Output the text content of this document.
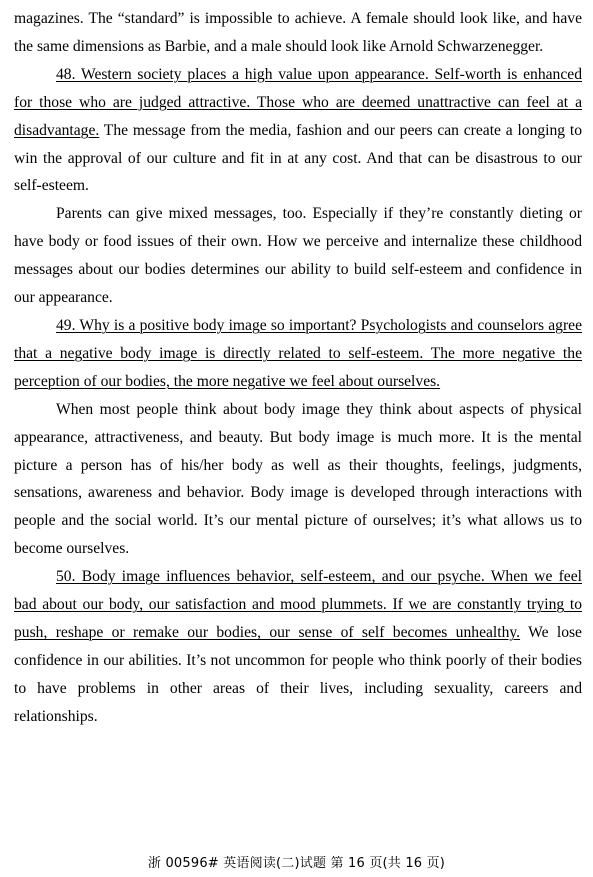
magazines. The “standard” is impossible to achieve. A female should look like, and have the same dimensions as Barbie, and a male should look like Arnold Schwarzenegger.

48. Western society places a high value upon appearance. Self-worth is enhanced for those who are judged attractive. Those who are deemed unattractive can feel at a disadvantage. The message from the media, fashion and our peers can create a longing to win the approval of our culture and fit in at any cost. And that can be disastrous to our self-esteem.

Parents can give mixed messages, too. Especially if they’re constantly dieting or have body or food issues of their own. How we perceive and internalize these childhood messages about our bodies determines our ability to build self-esteem and confidence in our appearance.

49. Why is a positive body image so important? Psychologists and counselors agree that a negative body image is directly related to self-esteem. The more negative the perception of our bodies, the more negative we feel about ourselves.

When most people think about body image they think about aspects of physical appearance, attractiveness, and beauty. But body image is much more. It is the mental picture a person has of his/her body as well as their thoughts, feelings, judgments, sensations, awareness and behavior. Body image is developed through interactions with people and the social world. It’s our mental picture of ourselves; it’s what allows us to become ourselves.

50. Body image influences behavior, self-esteem, and our psyche. When we feel bad about our body, our satisfaction and mood plummets. If we are constantly trying to push, reshape or remake our bodies, our sense of self becomes unhealthy. We lose confidence in our abilities. It’s not uncommon for people who think poorly of their bodies to have problems in other areas of their lives, including sexuality, careers and relationships.

浙 00596# 英语阅读(二)试题 第 16 页(共 16 页)
